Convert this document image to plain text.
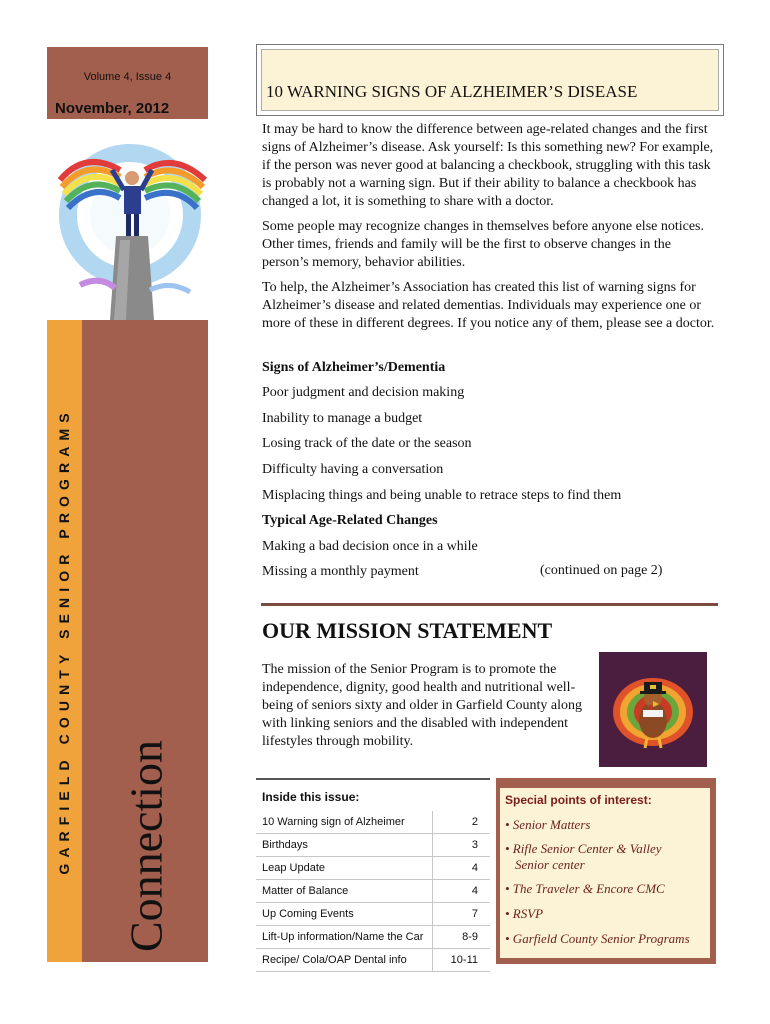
Volume 4, Issue 4
November, 2012
GARFIELD COUNTY SENIOR PROGRAMS Connection
10 WARNING SIGNS OF ALZHEIMER’S DISEASE

It may be hard to know the difference between age-related changes and the first signs of Alzheimer’s disease. Ask yourself: Is this something new? For example, if the person was never good at balancing a checkbook, struggling with this task is probably not a warning sign. But if their ability to balance a checkbook has changed a lot, it is something to share with a doctor.

Some people may recognize changes in themselves before anyone else notices. Other times, friends and family will be the first to observe changes in the person’s memory, behavior abilities.

To help, the Alzheimer’s Association has created this list of warning signs for Alzheimer’s disease and related dementias. Individuals may experience one or more of these in different degrees. If you notice any of them, please see a doctor.

Signs of Alzheimer’s/Dementia
Poor judgment and decision making
Inability to manage a budget
Losing track of the date or the season
Difficulty having a conversation
Misplacing things and being unable to retrace steps to find them
Typical Age-Related Changes
Making a bad decision once in a while
Missing a monthly payment	(continued on page 2)
OUR MISSION STATEMENT

The mission of the Senior Program is to promote the independence, dignity, good health and nutritional well-being of seniors sixty and older in Garfield County along with linking seniors and the disabled with independent lifestyles through mobility.

Inside this issue:
10 Warning sign of Alzheimer	2
Birthdays	3
Leap Update	4
Matter of Balance	4
Up Coming Events	7
Lift-Up information/Name the Car	8-9
Recipe/ Cola/OAP Dental info	10-11
Special points of interest:
• Senior Matters
• Rifle Senior Center & Valley
Senior center
• The Traveler & Encore CMC
• RSVP
• Garfield County Senior Programs
